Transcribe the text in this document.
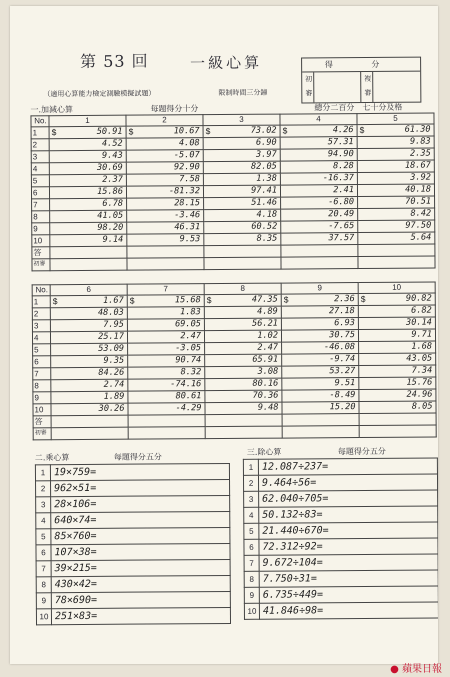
第 53 回	一級心算
（適用心算能力檢定測驗模擬試題）	限制時間三分鐘
得 分
初
審
複
審
一.加減心算	每題得分十分	總分二百分　七十分及格
No.	1	2	3	4	5
1	$ 50.91	$ 10.67	$ 73.02	$ 4.26	$ 61.30
2	4.52	4.08	6.90	57.31	9.83
3	9.43	-5.07	3.97	94.90	2.35
4	30.69	92.90	82.05	8.28	18.67
5	2.37	7.58	1.38	-16.37	3.92
6	15.86	-81.32	97.41	2.41	40.18
7	6.78	28.15	51.46	-6.80	70.51
8	41.05	-3.46	4.18	20.49	8.42
9	98.20	46.31	60.52	-7.65	97.50
10	9.14	9.53	8.35	37.57	5.64
答					
初審					
No.	6	7	8	9	10
1	$ 1.67	$ 15.68	$ 47.35	$ 2.36	$ 90.82
2	48.03	1.83	4.89	27.18	6.82
3	7.95	69.05	56.21	6.93	30.14
4	25.17	2.47	1.02	30.75	9.71
5	53.09	-3.05	2.47	-46.08	1.68
6	9.35	90.74	65.91	-9.74	43.05
7	84.26	8.32	3.08	53.27	7.34
8	2.74	-74.16	80.16	9.51	15.76
9	1.89	80.61	70.36	-8.49	24.96
10	30.26	-4.29	9.48	15.20	8.05
答					
初審					
二.乘心算	每題得分五分
三.除心算	每題得分五分
1	19×759=
2	962×51=
3	28×106=
4	640×74=
5	85×760=
6	107×38=
7	39×215=
8	430×42=
9	78×690=
10	251×83=
1	12.087÷237=
2	9.464÷56=
3	62.040÷705=
4	50.132÷83=
5	21.440÷670=
6	72.312÷92=
7	9.672÷104=
8	7.750÷31=
9	6.735÷449=
10	41.846÷98=
● 蘋果日報
